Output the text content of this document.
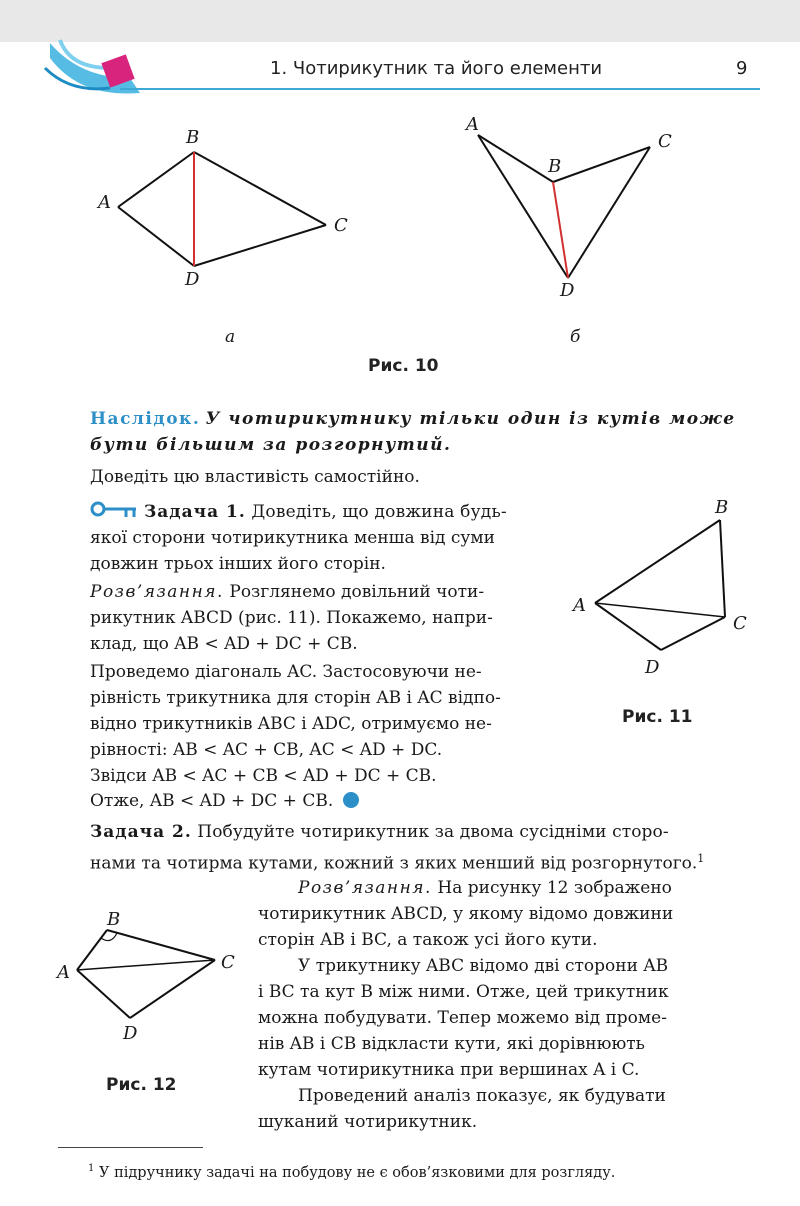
1. Чотирикутник та його елементи	9
A
B
C
D
а
A
B
C
D
б
Рис. 10
Наслідок. У чотирикутнику тільки один із кутів може бути більшим за розгорнутий.
Доведіть цю властивість самостійно.
Задача 1. Доведіть, що довжина будь-
якої сторони чотирикутника менша від суми
довжин трьох інших його сторін.
Розв’язання. Розглянемо довільний чоти-
рикутник ABCD (рис. 11). Покажемо, напри-
клад, що AB < AD + DC + CB.
Проведемо діагональ AC. Застосовуючи не-
рівність трикутника для сторін AB і AC відпо-
відно трикутників ABC і ADC, отримуємо не-
рівності: AB < AC + CB, AC < AD + DC.
Звідси AB < AC + CB < AD + DC + CB.
Отже, AB < AD + DC + CB.
A
B
C
D
Рис. 11
Задача 2. Побудуйте чотирикутник за двома сусідніми сторо-
нами та чотирма кутами, кожний з яких менший від розгорнутого.$^1$
Розв’язання. На рисунку 12 зображено
чотирикутник ABCD, у якому відомо довжини
сторін AB і BC, а також усі його кути.
У трикутнику ABC відомо дві сторони AB
і BC та кут B між ними. Отже, цей трикутник
можна побудувати. Тепер можемо від проме-
нів AB і CB відкласти кути, які дорівнюють
кутам чотирикутника при вершинах A і C.
Проведений аналіз показує, як будувати
шуканий чотирикутник.
A
B
C
D
Рис. 12
$^1$ У підручнику задачі на побудову не є обов’язковими для розгляду.
